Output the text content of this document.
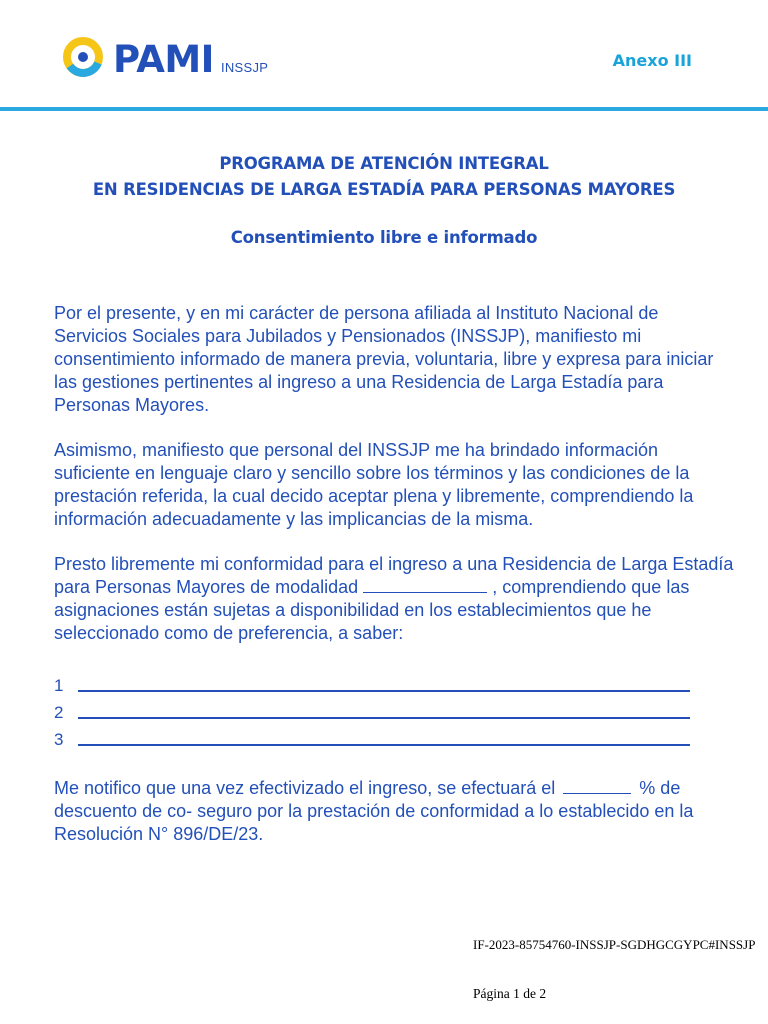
PAMI INSSJP	Anexo III
PROGRAMA DE ATENCIÓN INTEGRAL
EN RESIDENCIAS DE LARGA ESTADÍA PARA PERSONAS MAYORES
Consentimiento libre e informado

Por el presente, y en mi carácter de persona afiliada al Instituto Nacional de Servicios Sociales para Jubilados y Pensionados (INSSJP), manifiesto mi consentimiento informado de manera previa, voluntaria, libre y expresa para iniciar las gestiones pertinentes al ingreso a una Residencia de Larga Estadía para Personas Mayores.

Asimismo, manifiesto que personal del INSSJP me ha brindado información suficiente en lenguaje claro y sencillo sobre los términos y las condiciones de la prestación referida, la cual decido aceptar plena y libremente, comprendiendo la información adecuadamente y las implicancias de la misma.

Presto libremente mi conformidad para el ingreso a una Residencia de Larga Estadía para Personas Mayores de modalidad	, comprendiendo que las asignaciones están sujetas a disponibilidad en los establecimientos que he seleccionado como de preferencia, a saber:

1
2
3
Me notifico que una vez efectivizado el ingreso, se efectuará el	% de descuento de co- seguro por la prestación de conformidad a lo establecido en la Resolución N° 896/DE/23.
IF-2023-85754760-INSSJP-SGDHGCGYPC#INSSJP
Página 1 de 2
